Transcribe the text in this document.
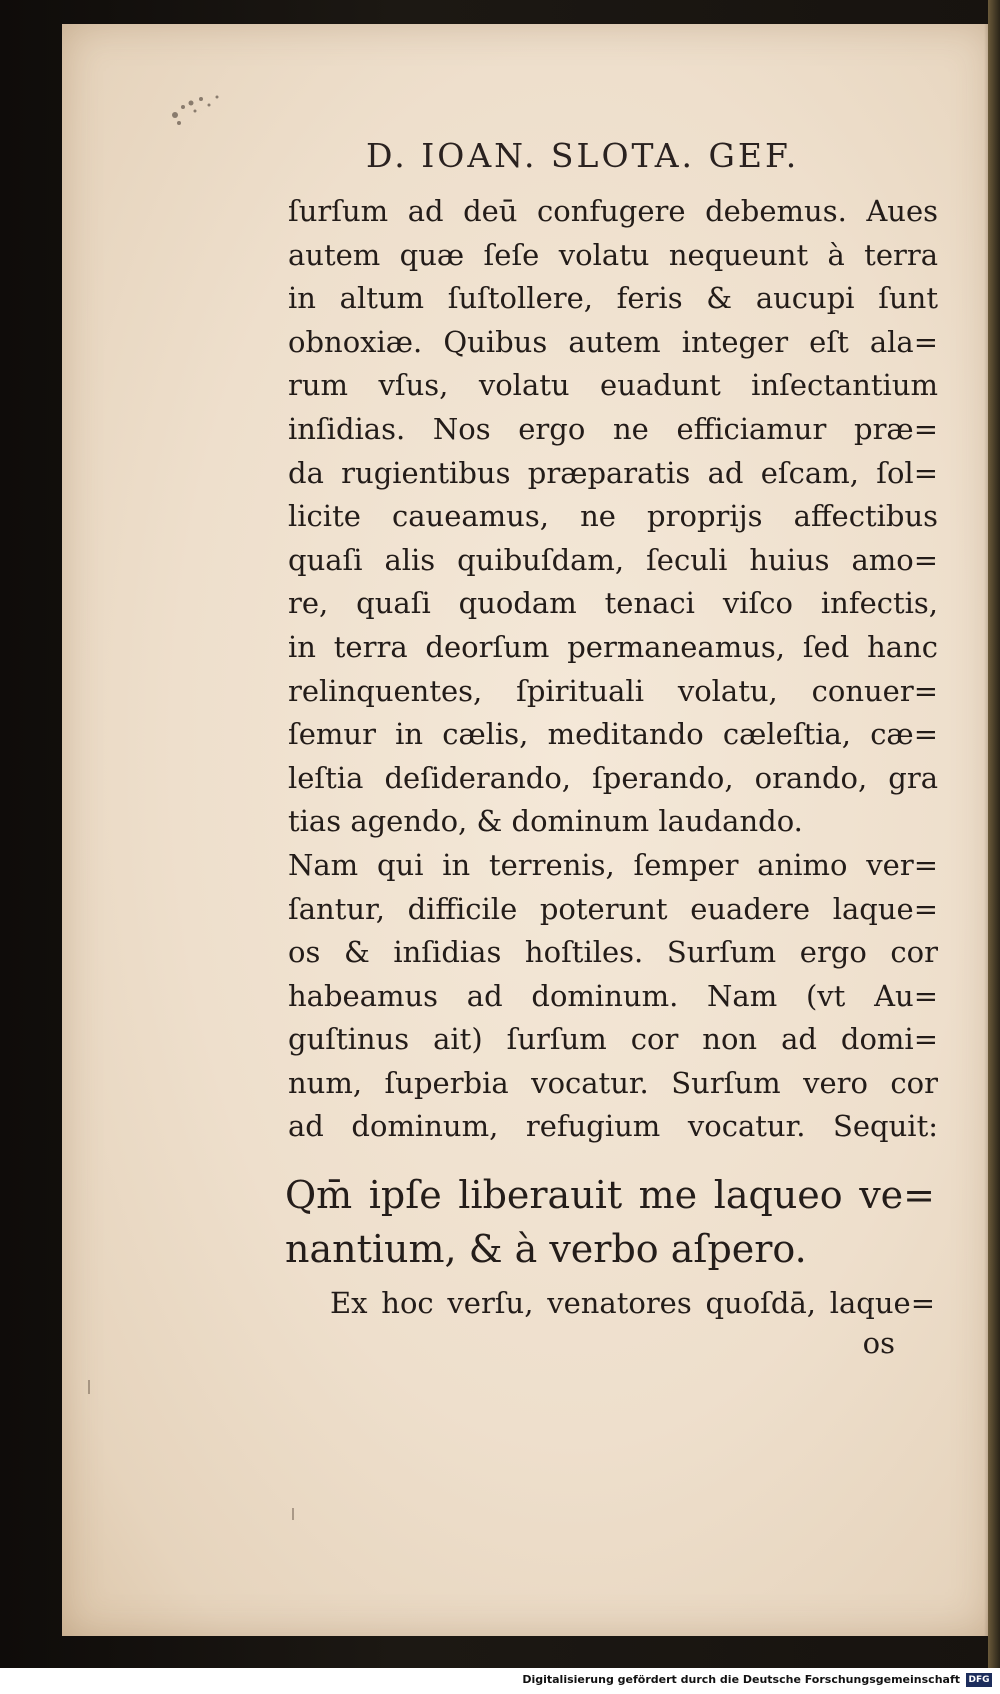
D. IOAN. SLOTA. GEF.
ſurſum ad deū confugere debemus. Aues
autem quæ ſeſe volatu nequeunt à terra
in altum ſuſtollere, feris & aucupi ſunt
obnoxiæ. Quibus autem integer eſt ala=
rum vſus, volatu euadunt inſectantium
inſidias. Nos ergo ne efficiamur præ=
da rugientibus præparatis ad eſcam, ſol=
licite caueamus, ne proprijs affectibus
quaſi alis quibuſdam, ſeculi huius amo=
re, quaſi quodam tenaci viſco infectis,
in terra deorſum permaneamus, ſed hanc
relinquentes, ſpirituali volatu, conuer=
ſemur in cælis, meditando cæleſtia, cæ=
leſtia deſiderando, ſperando, orando, gra
tias agendo, & dominum laudando.
Nam qui in terrenis, ſemper animo ver=
ſantur, difficile poterunt euadere laque=
os & inſidias hoſtiles. Surſum ergo cor
habeamus ad dominum. Nam (vt Au=
guſtinus ait) ſurſum cor non ad domi=
num, ſuperbia vocatur. Surſum vero cor
ad dominum, refugium vocatur. Sequit:
Qm̄ ipſe liberauit me laqueo ve=
nantium, & à verbo aſpero.
Ex hoc verſu, venatores quoſdā, laque=
os
Digitalisierung gefördert durch die Deutsche Forschungsgemeinschaft DFG
